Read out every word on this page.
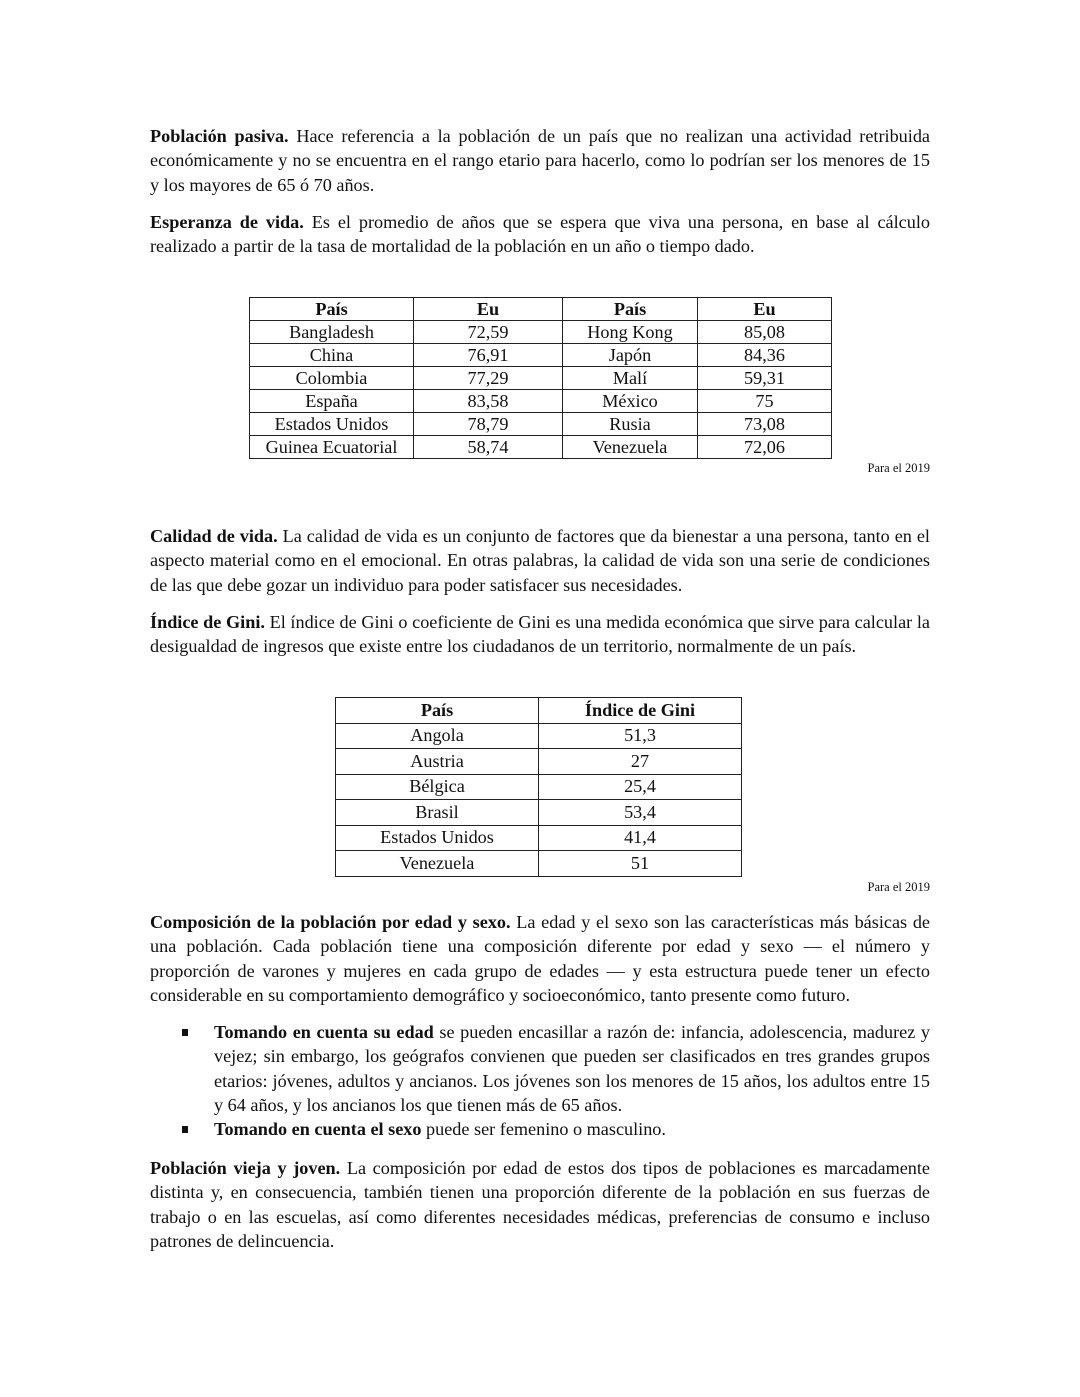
Población pasiva. Hace referencia a la población de un país que no realizan una actividad retribuida económicamente y no se encuentra en el rango etario para hacerlo, como lo podrían ser los menores de 15 y los mayores de 65 ó 70 años.

Esperanza de vida. Es el promedio de años que se espera que viva una persona, en base al cálculo realizado a partir de la tasa de mortalidad de la población en un año o tiempo dado.

Calidad de vida. La calidad de vida es un conjunto de factores que da bienestar a una persona, tanto en el aspecto material como en el emocional. En otras palabras, la calidad de vida son una serie de condiciones de las que debe gozar un individuo para poder satisfacer sus necesidades.

Índice de Gini. El índice de Gini o coeficiente de Gini es una medida económica que sirve para calcular la desigualdad de ingresos que existe entre los ciudadanos de un territorio, normalmente de un país.

Composición de la población por edad y sexo. La edad y el sexo son las características más básicas de una población. Cada población tiene una composición diferente por edad y sexo — el número y proporción de varones y mujeres en cada grupo de edades — y esta estructura puede tener un efecto considerable en su comportamiento demográfico y socioeconómico, tanto presente como futuro.

Población vieja y joven. La composición por edad de estos dos tipos de poblaciones es marcadamente distinta y, en consecuencia, también tienen una proporción diferente de la población en sus fuerzas de trabajo o en las escuelas, así como diferentes necesidades médicas, preferencias de consumo e incluso patrones de delincuencia.

País	Eu	País	Eu
Bangladesh	72,59	Hong Kong	85,08
China	76,91	Japón	84,36
Colombia	77,29	Malí	59,31
España	83,58	México	75
Estados Unidos	78,79	Rusia	73,08
Guinea Ecuatorial	58,74	Venezuela	72,06
Para el 2019
País	Índice de Gini
Angola	51,3
Austria	27
Bélgica	25,4
Brasil	53,4
Estados Unidos	41,4
Venezuela	51
Para el 2019
Tomando en cuenta su edad se pueden encasillar a razón de: infancia, adolescencia, madurez y vejez; sin embargo, los geógrafos convienen que pueden ser clasificados en tres grandes grupos etarios: jóvenes, adultos y ancianos. Los jóvenes son los menores de 15 años, los adultos entre 15 y 64 años, y los ancianos los que tienen más de 65 años.
Tomando en cuenta el sexo puede ser femenino o masculino.
